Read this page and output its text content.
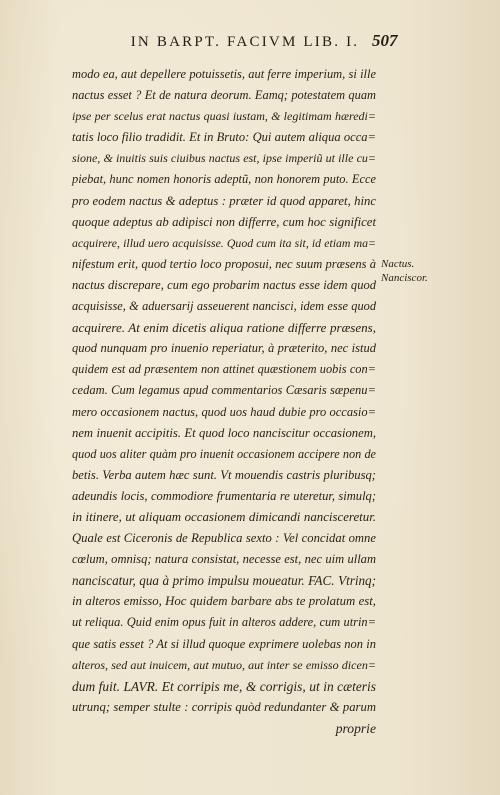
IN BARPT. FACIVM LIB. I. 507
modo ea, aut depellere potuissetis, aut ferre imperium, si ille
nactus esset ? Et de natura deorum. Eamq; potestatem quam
ipse per scelus erat nactus quasi iustam, & legitimam hæredi=
tatis loco filio tradidit. Et in Bruto: Qui autem aliqua occa=
sione, & inuitis suis ciuibus nactus est, ipse imperiũ ut ille cu=
piebat, hunc nomen honoris adeptũ, non honorem puto. Ecce
pro eodem nactus & adeptus : præter id quod apparet, hinc
quoque adeptus ab adipisci non differre, cum hoc significet
acquirere, illud uero acquisisse. Quod cum ita sit, id etiam ma=
nifestum erit, quod tertio loco proposui, nec suum præsens à
nactus discrepare, cum ego probarim nactus esse idem quod
acquisisse, & aduersarij asseuerent nancisci, idem esse quod
acquirere. At enim dicetis aliqua ratione differre præsens,
quod nunquam pro inuenio reperiatur, à præterito, nec istud
quidem est ad præsentem non attinet quæstionem uobis con=
cedam. Cum legamus apud commentarios Cæsaris sæpenu=
mero occasionem nactus, quod uos haud dubie pro occasio=
nem inuenit accipitis. Et quod loco nanciscitur occasionem,
quod uos aliter quàm pro inuenit occasionem accipere non de
betis. Verba autem hæc sunt. Vt mouendis castris pluribusq;
adeundis locis, commodiore frumentaria re uteretur, simulq;
in itinere, ut aliquam occasionem dimicandi nancisceretur.
Quale est Ciceronis de Republica sexto : Vel concidat omne
cœlum, omnisq; natura consistat, necesse est, nec uim ullam
nanciscatur, qua à primo impulsu moueatur. FAC. Vtrinq;
in alteros emisso, Hoc quidem barbare abs te prolatum est,
ut reliqua. Quid enim opus fuit in alteros addere, cum utrin=
que satis esset ? At si illud quoque exprimere uolebas non in
alteros, sed aut inuicem, aut mutuo, aut inter se emisso dicen=
dum fuit. LAVR. Et corripis me, & corrigis, ut in cæteris
utrunq; semper stulte : corripis quòd redundanter & parum
proprie
Nactus.
Nanciscor.
